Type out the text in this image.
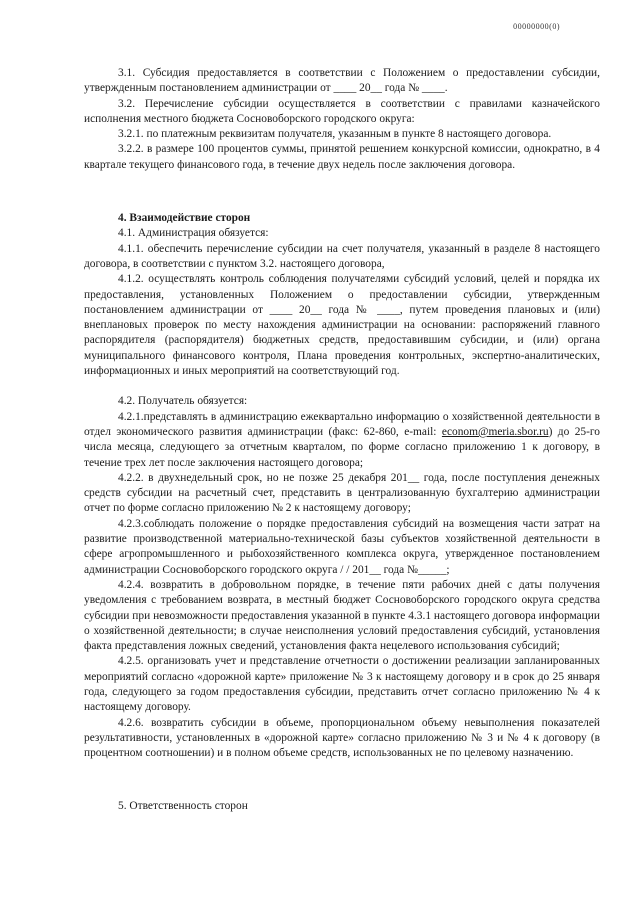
00000000(0)

3.1. Субсидия предоставляется в соответствии с Положением о предоставлении субсидии, утвержденным постановлением администрации от ____ 20__ года № ____.

3.2. Перечисление субсидии осуществляется в соответствии с правилами казначейского исполнения местного бюджета Сосновоборского городского округа:

3.2.1. по платежным реквизитам получателя, указанным в пункте 8 настоящего договора.

3.2.2. в размере 100 процентов суммы, принятой решением конкурсной комиссии, однократно, в 4 квартале текущего финансового года, в течение двух недель после заключения договора.

4. Взаимодействие сторон

4.1. Администрация обязуется:

4.1.1. обеспечить перечисление субсидии на счет получателя, указанный в разделе 8 настоящего договора, в соответствии с пунктом 3.2. настоящего договора,

4.1.2. осуществлять контроль соблюдения получателями субсидий условий, целей и порядка их предоставления, установленных Положением о предоставлении субсидии, утвержденным постановлением администрации от ____ 20__ года № ____, путем проведения плановых и (или) внеплановых проверок по месту нахождения администрации на основании: распоряжений главного распорядителя (распорядителя) бюджетных средств, предоставившим субсидии, и (или) органа муниципального финансового контроля, Плана проведения контрольных, экспертно-аналитических, информационных и иных мероприятий на соответствующий год.

4.2. Получатель обязуется:

4.2.1.представлять в администрацию ежеквартально информацию о хозяйственной деятельности в отдел экономического развития администрации (факс: 62-860, e-mail: econom@meria.sbor.ru) до 25-го числа месяца, следующего за отчетным кварталом, по форме согласно приложению 1 к договору, в течение трех лет после заключения настоящего договора;

4.2.2. в двухнедельный срок, но не позже 25 декабря 201__ года, после поступления денежных средств субсидии на расчетный счет, представить в централизованную бухгалтерию администрации отчет по форме согласно приложению № 2 к настоящему договору;

4.2.3.соблюдать положение о порядке предоставления субсидий на возмещения части затрат на развитие производственной материально-технической базы субъектов хозяйственной деятельности в сфере агропромышленного и рыбохозяйственного комплекса округа, утвержденное постановлением администрации Сосновоборского городского округа / / 201__ года №_____;

4.2.4. возвратить в добровольном порядке, в течение пяти рабочих дней с даты получения уведомления с требованием возврата, в местный бюджет Сосновоборского городского округа средства субсидии при невозможности предоставления указанной в пункте 4.3.1 настоящего договора информации о хозяйственной деятельности; в случае неисполнения условий предоставления субсидий, установления факта представления ложных сведений, установления факта нецелевого использования субсидий;

4.2.5. организовать учет и представление отчетности о достижении реализации запланированных мероприятий согласно «дорожной карте» приложение № 3 к настоящему договору и в срок до 25 января года, следующего за годом предоставления субсидии, представить отчет согласно приложению № 4 к настоящему договору.

4.2.6. возвратить субсидии в объеме, пропорциональном объему невыполнения показателей результативности, установленных в «дорожной карте» согласно приложению № 3 и № 4 к договору (в процентном соотношении) и в полном объеме средств, использованных не по целевому назначению.

5. Ответственность сторон
